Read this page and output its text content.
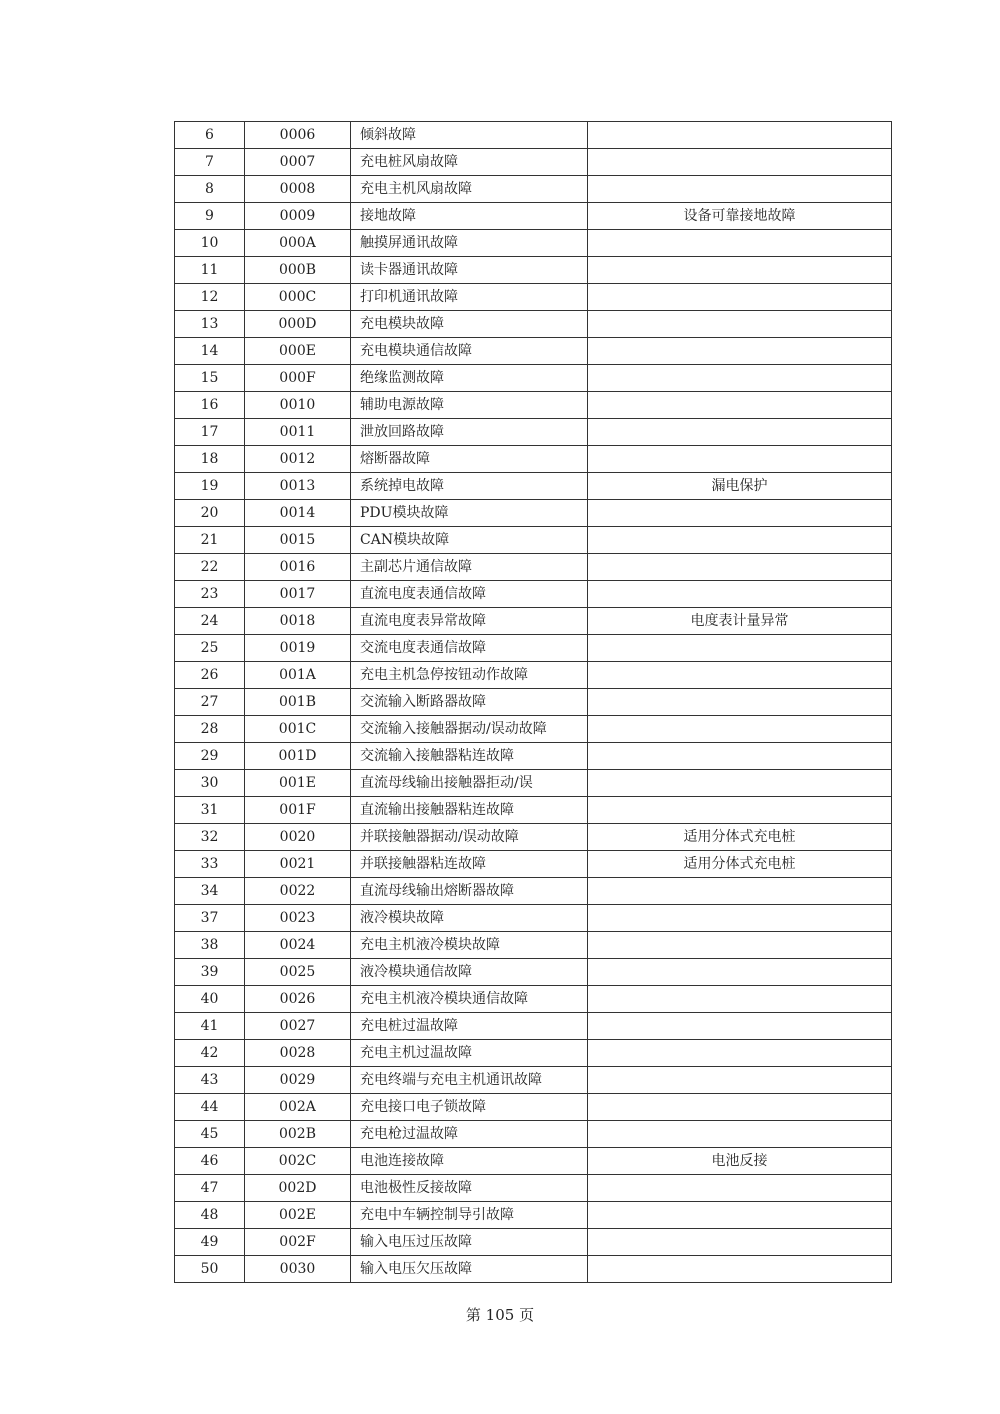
6	0006	倾斜故障	
7	0007	充电桩风扇故障	
8	0008	充电主机风扇故障	
9	0009	接地故障	设备可靠接地故障
10	000A	触摸屏通讯故障	
11	000B	读卡器通讯故障	
12	000C	打印机通讯故障	
13	000D	充电模块故障	
14	000E	充电模块通信故障	
15	000F	绝缘监测故障	
16	0010	辅助电源故障	
17	0011	泄放回路故障	
18	0012	熔断器故障	
19	0013	系统掉电故障	漏电保护
20	0014	PDU模块故障	
21	0015	CAN模块故障	
22	0016	主副芯片通信故障	
23	0017	直流电度表通信故障	
24	0018	直流电度表异常故障	电度表计量异常
25	0019	交流电度表通信故障	
26	001A	充电主机急停按钮动作故障	
27	001B	交流输入断路器故障	
28	001C	交流输入接触器据动/误动故障	
29	001D	交流输入接触器粘连故障	
30	001E	直流母线输出接触器拒动/误	
31	001F	直流输出接触器粘连故障	
32	0020	并联接触器据动/误动故障	适用分体式充电桩
33	0021	并联接触器粘连故障	适用分体式充电桩
34	0022	直流母线输出熔断器故障	
37	0023	液冷模块故障	
38	0024	充电主机液冷模块故障	
39	0025	液冷模块通信故障	
40	0026	充电主机液冷模块通信故障	
41	0027	充电桩过温故障	
42	0028	充电主机过温故障	
43	0029	充电终端与充电主机通讯故障	
44	002A	充电接口电子锁故障	
45	002B	充电枪过温故障	
46	002C	电池连接故障	电池反接
47	002D	电池极性反接故障	
48	002E	充电中车辆控制导引故障	
49	002F	输入电压过压故障	
50	0030	输入电压欠压故障	
第 105 页
